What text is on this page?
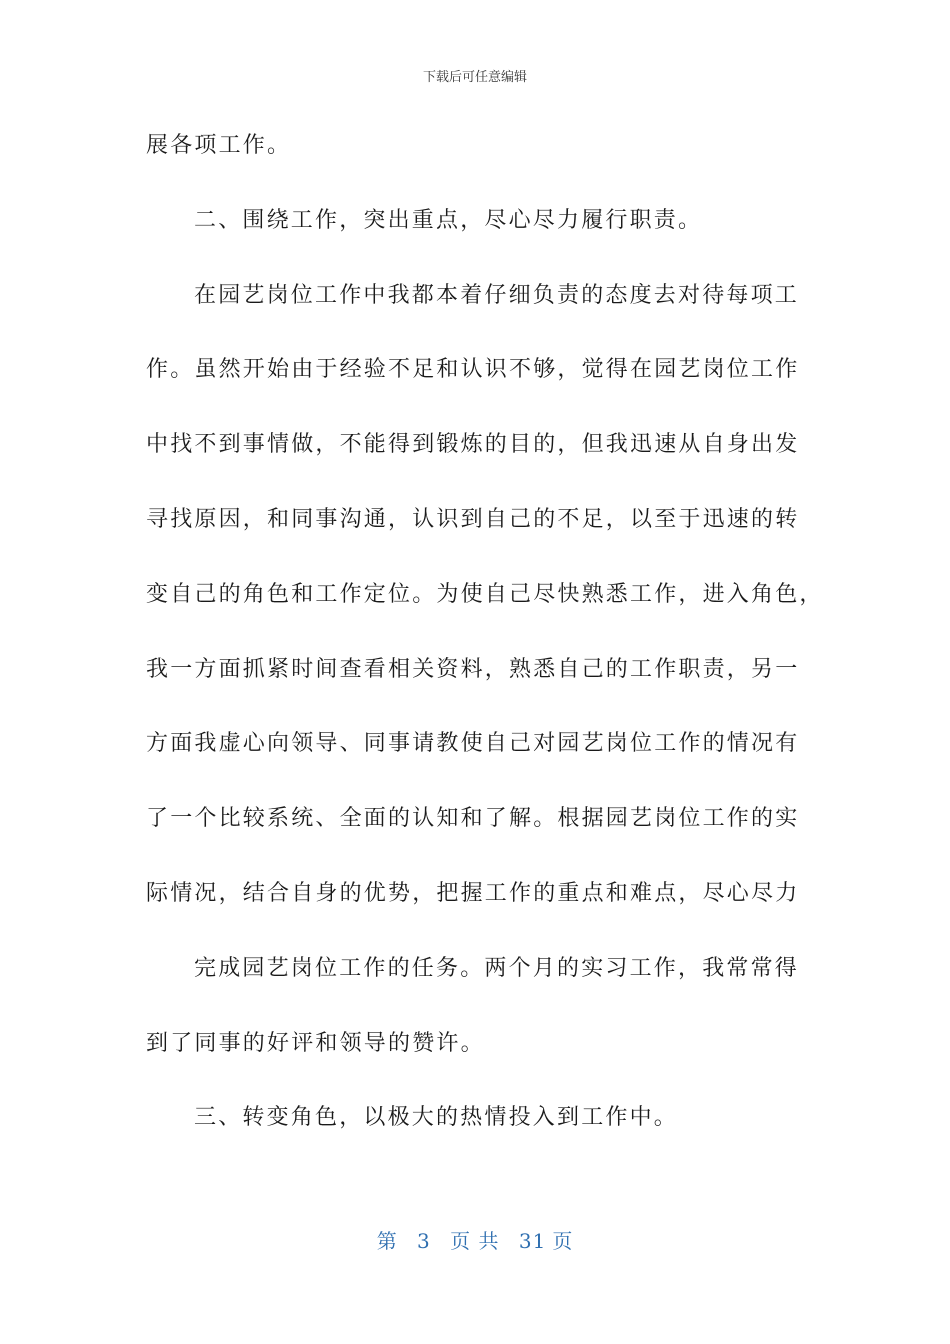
下载后可任意编辑
展各项工作。
二、围绕工作，突出重点，尽心尽力履行职责。
在园艺岗位工作中我都本着仔细负责的态度去对待每项工
作。虽然开始由于经验不足和认识不够，觉得在园艺岗位工作
中找不到事情做，不能得到锻炼的目的，但我迅速从自身出发
寻找原因，和同事沟通，认识到自己的不足，以至于迅速的转
变自己的角色和工作定位。为使自己尽快熟悉工作，进入角色，
我一方面抓紧时间查看相关资料，熟悉自己的工作职责，另一
方面我虚心向领导、同事请教使自己对园艺岗位工作的情况有
了一个比较系统、全面的认知和了解。根据园艺岗位工作的实
际情况，结合自身的优势，把握工作的重点和难点，尽心尽力
完成园艺岗位工作的任务。两个月的实习工作，我常常得
到了同事的好评和领导的赞许。
三、转变角色，以极大的热情投入到工作中。
第 3 页 共 31 页
